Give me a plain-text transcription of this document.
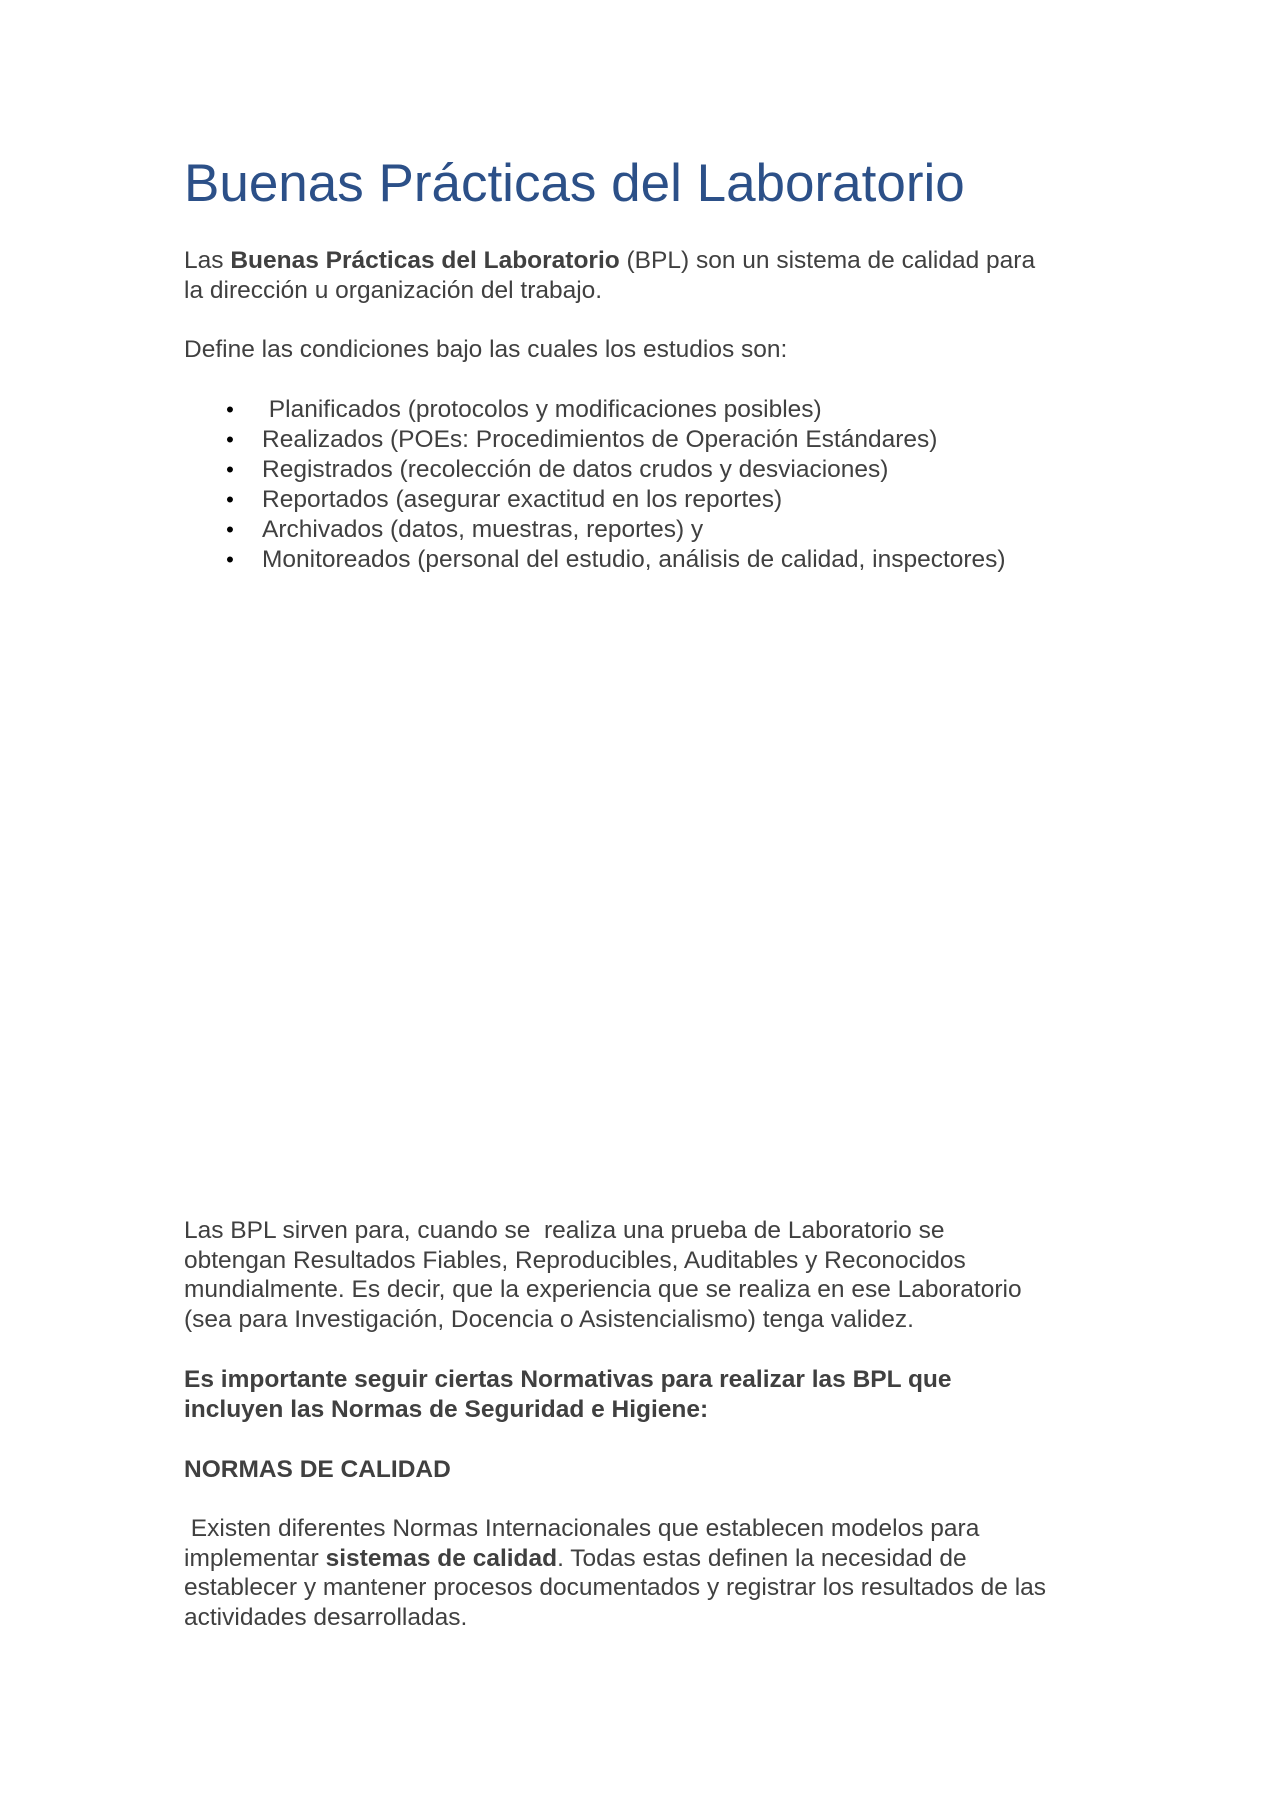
Buenas Prácticas del Laboratorio

Las Buenas Prácticas del Laboratorio (BPL) son un sistema de calidad para
la dirección u organización del trabajo.

Define las condiciones bajo las cuales los estudios son:

• Planificados (protocolos y modificaciones posibles)
• Realizados (POEs: Procedimientos de Operación Estándares)
• Registrados (recolección de datos crudos y desviaciones)
• Reportados (asegurar exactitud en los reportes)
• Archivados (datos, muestras, reportes) y
• Monitoreados (personal del estudio, análisis de calidad, inspectores)

Las BPL sirven para, cuando se  realiza una prueba de Laboratorio se
obtengan Resultados Fiables, Reproducibles, Auditables y Reconocidos
mundialmente. Es decir, que la experiencia que se realiza en ese Laboratorio
(sea para Investigación, Docencia o Asistencialismo) tenga validez.

Es importante seguir ciertas Normativas para realizar las BPL que
incluyen las Normas de Seguridad e Higiene:

NORMAS DE CALIDAD

Existen diferentes Normas Internacionales que establecen modelos para
implementar sistemas de calidad. Todas estas definen la necesidad de
establecer y mantener procesos documentados y registrar los resultados de las
actividades desarrolladas.
